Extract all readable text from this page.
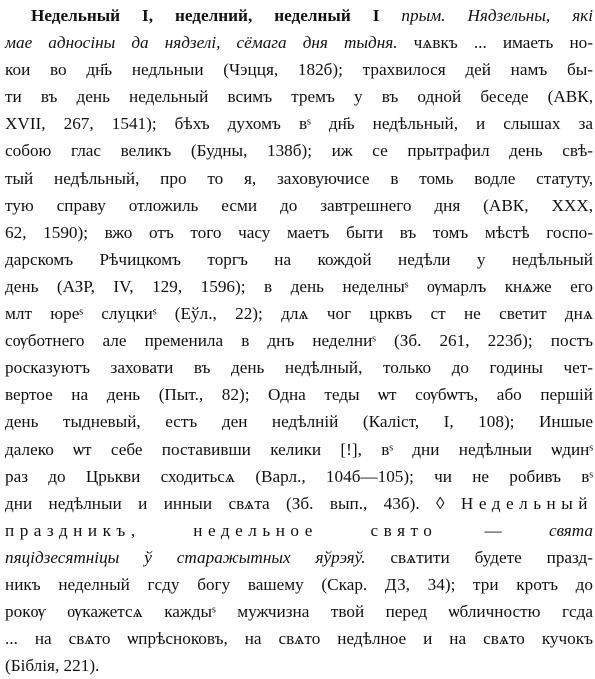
Недельный I, неделний, неделный I прым. Нядзельны, які
мае адносіны да нядзелі, сёмага дня тыдня. чѧвкъ ... имаеть но-
кои во дн҃ь недльныи (Чэцця, 182б); трахвилося дей намъ бы-
ти въ день недельный всимъ тремъ у въ одной беседе (АВК,
XVII, 267, 1541); бѣхъ духомъ вˢ дн҃ь недѣльный, и слышах за
собою глас великъ (Будны, 138б); иж се прытрафил день свѣ-
тый недѣльный, про то я, заховуючисе в томь водле статуту,
тую справу отложиль есми до завтрешнего дня (АВК, XXX,
62, 1590); вжо отъ того часу маетъ быти въ томъ мѣстѣ госпо-
дарскомъ Рѣчицкомъ торгъ на кождой недѣли у недѣльный
день (АЗР, IV, 129, 1596); в день неделныˢ ѹмарлъ кнѧже его
млт юреˢ слуцкиˢ (Еўл., 22); длѧ чог црквъ ст не светит днѧ
сѹботнего але пременила в днъ неделниˢ (Зб. 261, 223б); постъ
росказуютъ заховати въ день недѣлный, только до годины чет-
вертое на день (Пыт., 82); Одна теды ѡт сѹбѡтъ, або першій
день тыдневый, естъ ден недѣлній (Каліст, I, 108); Иншые
далеко ѡт себе поставивши келики [!], вˢ дни недѣлныи ѡдинˢ
раз до Црькви сходитьсѧ (Варл., 104б—105); чи не робивъ вˢ
дни недѣлныи и инныи свѧта (Зб. вып., 43б). ◊ Недельный
праздникъ, недельное свято — свята
пяцідзесятніцы ў старажытных яўрэяў. свѧтити будете празд-
никъ неделный гсду богу вашему (Скар. ДЗ, 34); три кротъ до
рокѹ ѹкажетсѧ каждыˢ мужчизна твой перед ѡбличностю гсда
... на свѧто ѡпрѣсноковъ, на свѧто недѣлное и на свѧто кучокъ
(Біблія, 221).
